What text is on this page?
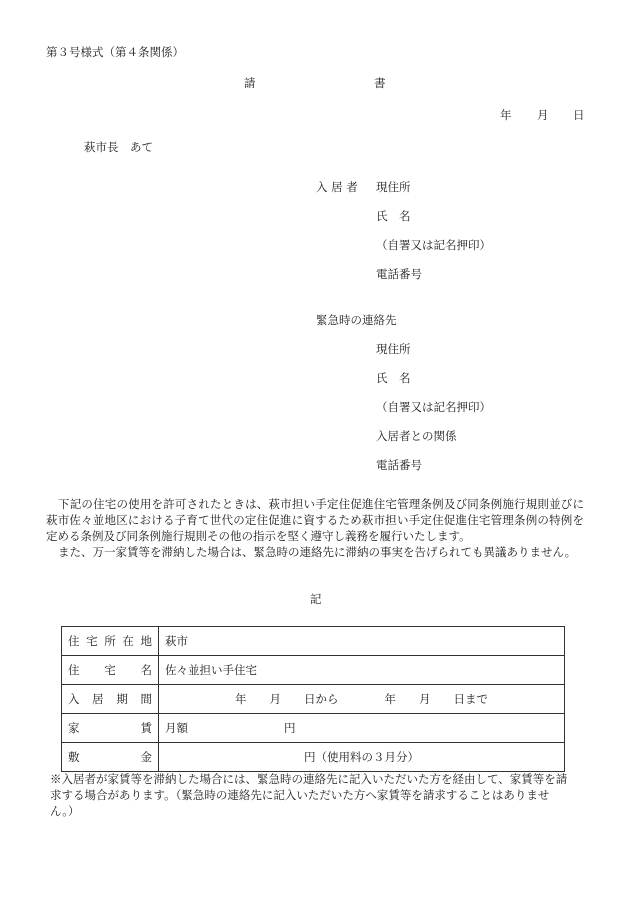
第３号様式（第４条関係）
請	書
年 月 日
萩市長　あて
入 居 者 現住所
氏　名
（自署又は記名押印）
電話番号
緊急時の連絡先
現住所
氏　名
（自署又は記名押印）
入居者との関係
電話番号
下記の住宅の使用を許可されたときは、萩市担い手定住促進住宅管理条例及び同条例施行規則並びに萩市佐々並地区における子育て世代の定住促進に資するため萩市担い手定住促進住宅管理条例の特例を定める条例及び同条例施行規則その他の指示を堅く遵守し義務を履行いたします。
また、万一家賃等を滞納した場合は、緊急時の連絡先に滞納の事実を告げられても異議ありません。
記
住 宅 所 在 地	萩市

住 宅 名	佐々並担い手住宅

入 居 期 間	年　　月　　日から　　　　年　　月　　日まで

家 賃	月額 円

敷 金	円（使用料の３月分）
※入居者が家賃等を滞納した場合には、緊急時の連絡先に記入いただいた方を経由して、家賃等を請求する場合があります。（緊急時の連絡先に記入いただいた方へ家賃等を請求することはありません。）
